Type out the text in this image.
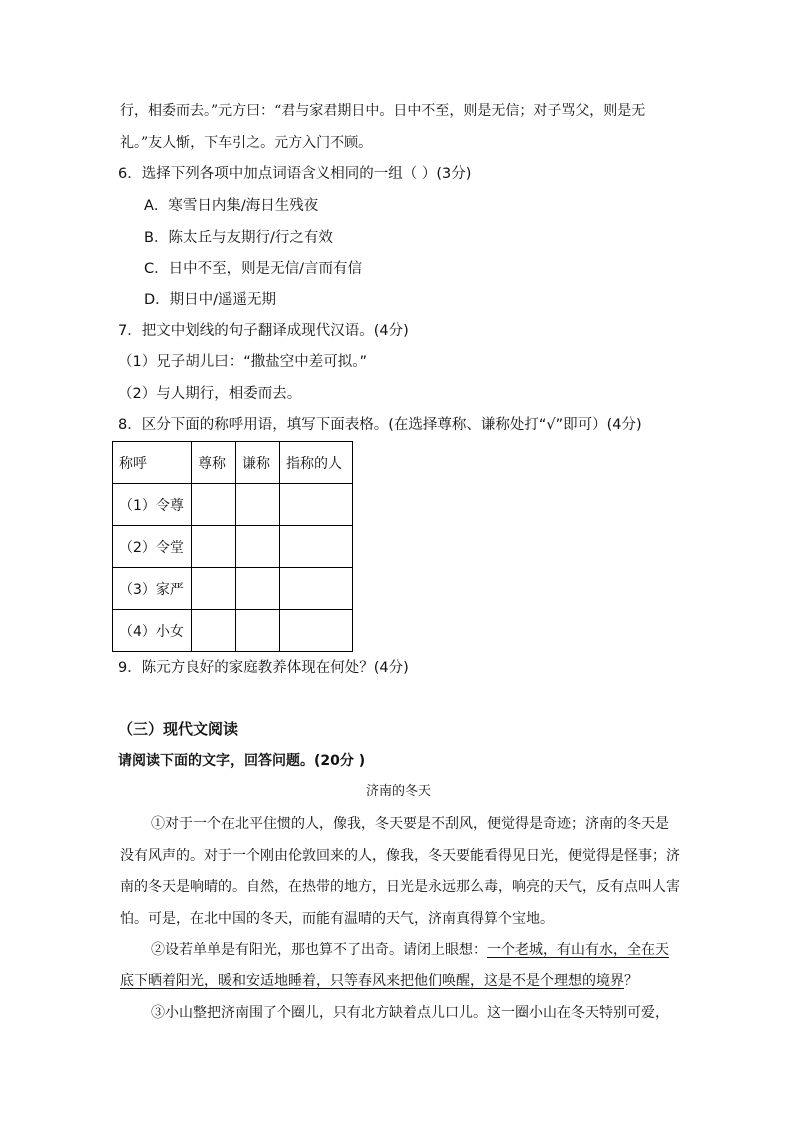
行，相委而去。”元方曰：“君与家君期日中。日中不至，则是无信；对子骂父，则是无
礼。”友人惭，下车引之。元方入门不顾。
6．选择下列各项中加点词语含义相同的一组（ ）(3分)
A．寒雪日内集/海日生残夜
B．陈太丘与友期行/行之有效
C．日中不至，则是无信/言而有信
D．期日中/遥遥无期
7．把文中划线的句子翻译成现代汉语。(4分)
（1）兄子胡儿曰：“撒盐空中差可拟。”
（2）与人期行，相委而去。
8．区分下面的称呼用语，填写下面表格。(在选择尊称、谦称处打“√”即可）(4分)
称呼	尊称	谦称	指称的人
（1）令尊			
（2）令堂			
（3）家严			
（4）小女			
9．陈元方良好的家庭教养体现在何处？(4分)
（三）现代文阅读
请阅读下面的文字，回答问题。(20分 )
济南的冬天
①对于一个在北平住惯的人，像我，冬天要是不刮风，便觉得是奇迹；济南的冬天是
没有风声的。对于一个刚由伦敦回来的人，像我，冬天要能看得见日光，便觉得是怪事；济
南的冬天是响晴的。自然，在热带的地方，日光是永远那么毒，响亮的天气，反有点叫人害
怕。可是，在北中国的冬天，而能有温晴的天气，济南真得算个宝地。
②设若单单是有阳光，那也算不了出奇。请闭上眼想：一个老城，有山有水，全在天
底下晒着阳光，暖和安适地睡着，只等春风来把他们唤醒，这是不是个理想的境界？
③小山整把济南围了个圈儿，只有北方缺着点儿口儿。这一圈小山在冬天特别可爱，
